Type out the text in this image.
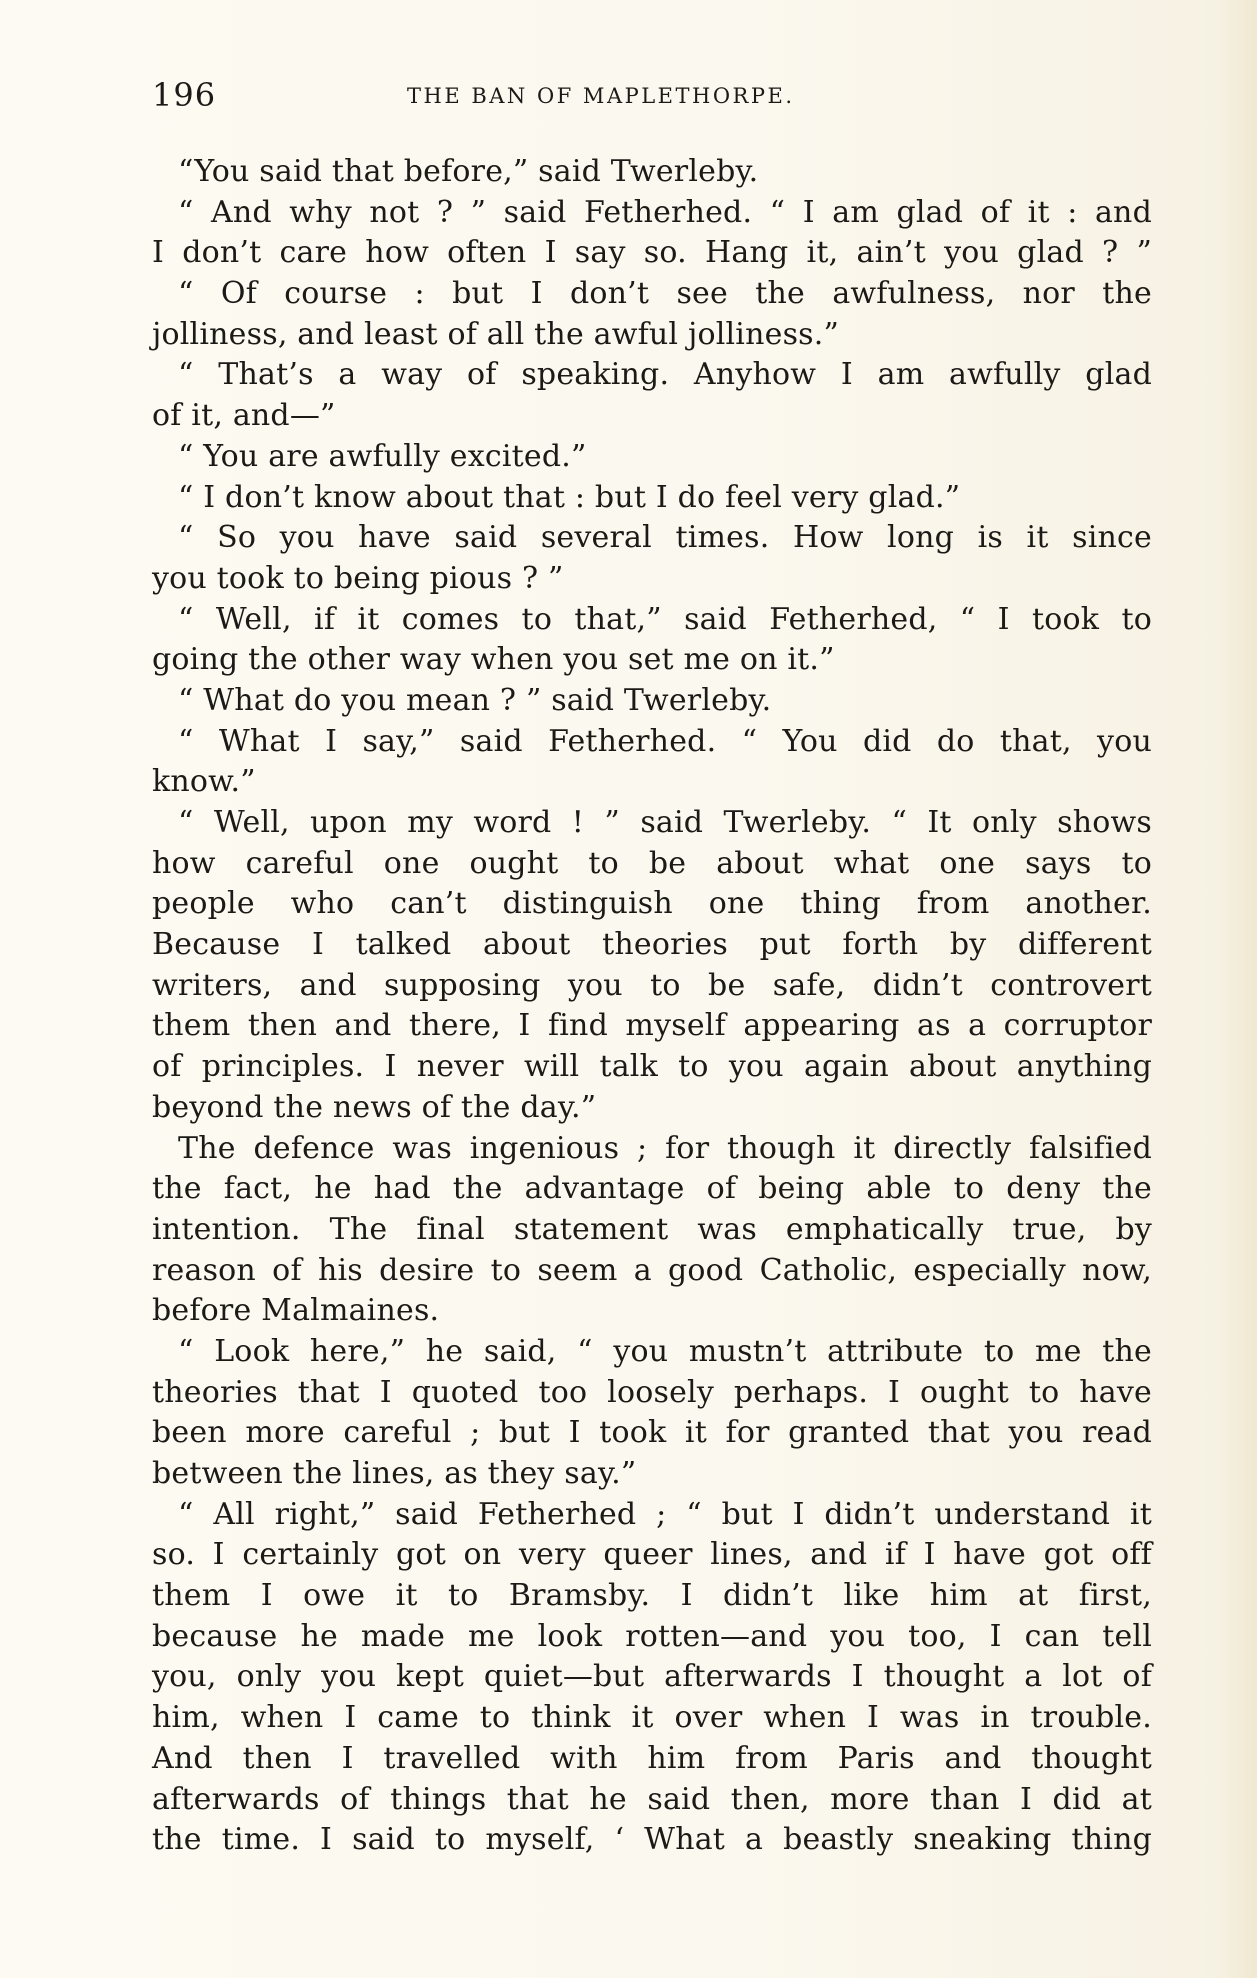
196	THE BAN OF MAPLETHORPE.
“You said that before,” said Twerleby.
“ And why not ? ” said Fetherhed. “ I am glad of it : and
I don’t care how often I say so. Hang it, ain’t you glad ? ”
“ Of course : but I don’t see the awfulness, nor the
jolliness, and least of all the awful jolliness.”
“ That’s a way of speaking. Anyhow I am awfully glad
of it, and—”
“ You are awfully excited.”
“ I don’t know about that : but I do feel very glad.”
“ So you have said several times. How long is it since
you took to being pious ? ”
“ Well, if it comes to that,” said Fetherhed, “ I took to
going the other way when you set me on it.”
“ What do you mean ? ” said Twerleby.
“ What I say,” said Fetherhed. “ You did do that, you
know.”
“ Well, upon my word ! ” said Twerleby. “ It only shows
how careful one ought to be about what one says to
people who can’t distinguish one thing from another.
Because I talked about theories put forth by different
writers, and supposing you to be safe, didn’t controvert
them then and there, I find myself appearing as a corruptor
of principles. I never will talk to you again about anything
beyond the news of the day.”
The defence was ingenious ; for though it directly falsified
the fact, he had the advantage of being able to deny the
intention. The final statement was emphatically true, by
reason of his desire to seem a good Catholic, especially now,
before Malmaines.
“ Look here,” he said, “ you mustn’t attribute to me the
theories that I quoted too loosely perhaps. I ought to have
been more careful ; but I took it for granted that you read
between the lines, as they say.”
“ All right,” said Fetherhed ; “ but I didn’t understand it
so. I certainly got on very queer lines, and if I have got off
them I owe it to Bramsby. I didn’t like him at first,
because he made me look rotten—and you too, I can tell
you, only you kept quiet—but afterwards I thought a lot of
him, when I came to think it over when I was in trouble.
And then I travelled with him from Paris and thought
afterwards of things that he said then, more than I did at
the time. I said to myself, ‘ What a beastly sneaking thing
